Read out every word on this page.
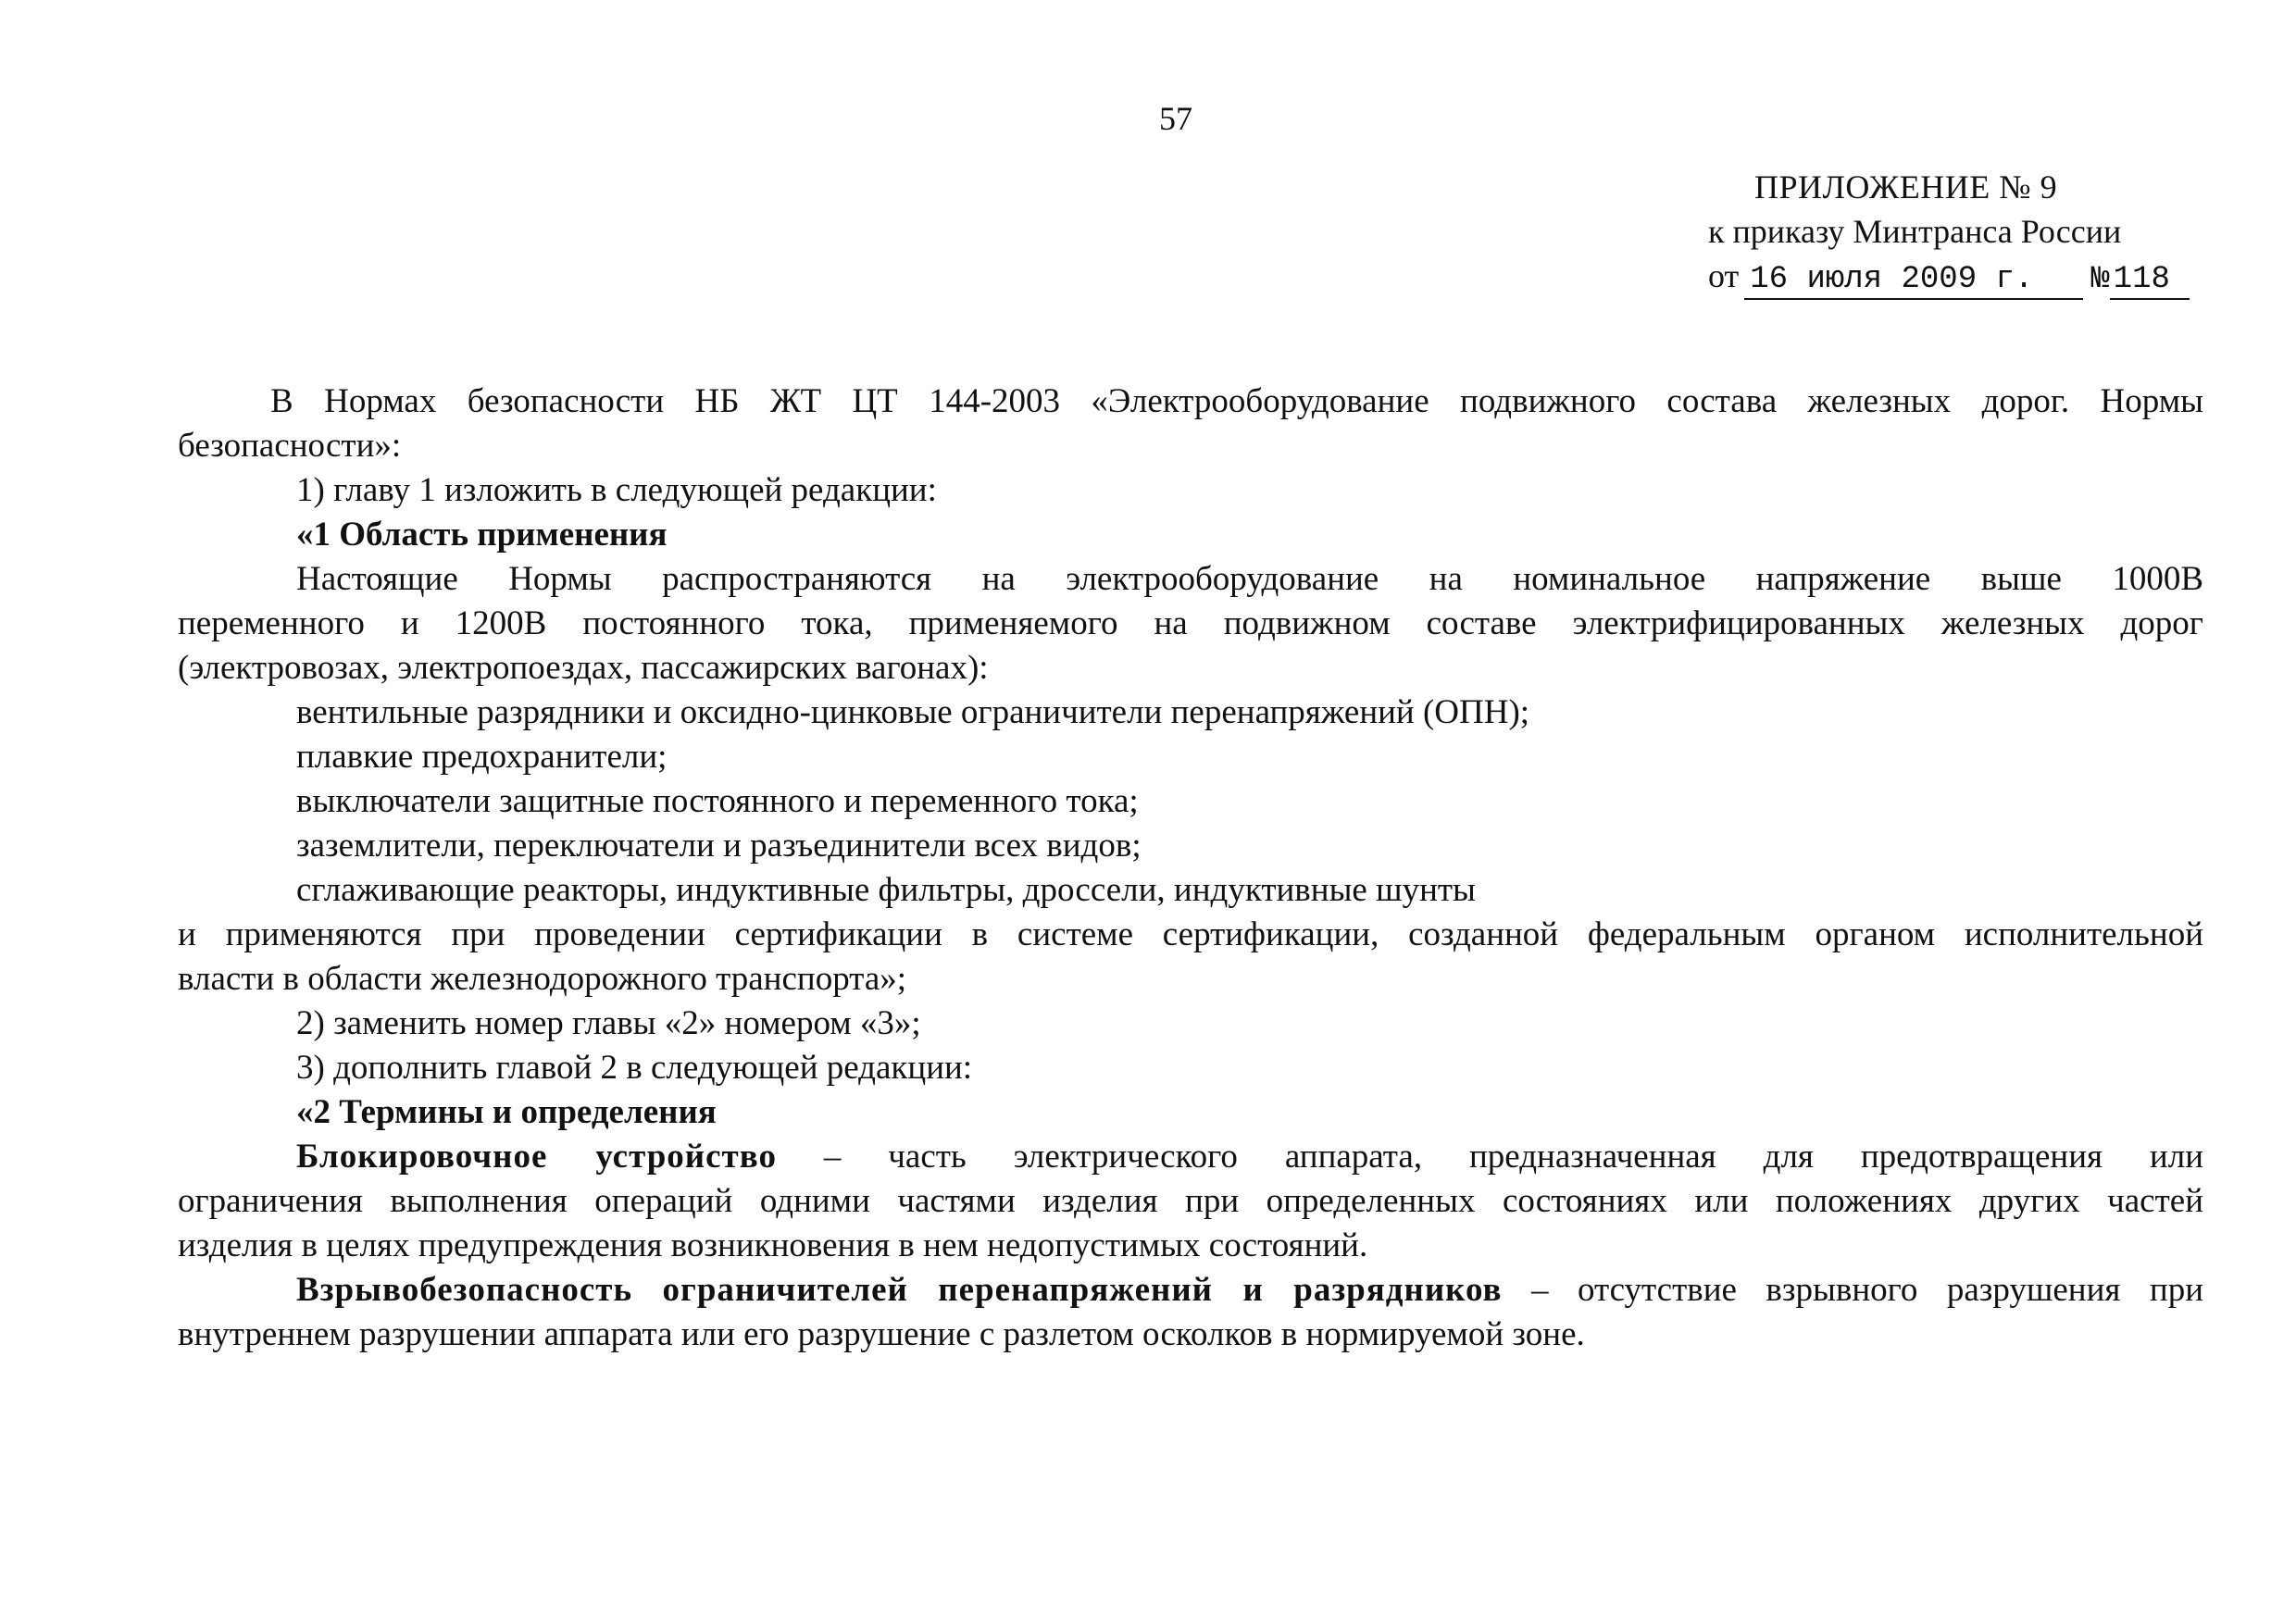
57
ПРИЛОЖЕНИЕ № 9
к приказу Минтранса России
от 16 июля 2009 г. № 118
В Нормах безопасности НБ ЖТ ЦТ 144-2003 «Электрооборудование подвижного состава железных дорог. Нормы
безопасности»:
1) главу 1 изложить в следующей редакции:
«1 Область применения
Настоящие Нормы распространяются на электрооборудование на номинальное напряжение выше 1000В
переменного и 1200В постоянного тока, применяемого на подвижном составе электрифицированных железных дорог
(электровозах, электропоездах, пассажирских вагонах):
вентильные разрядники и оксидно-цинковые ограничители перенапряжений (ОПН);
плавкие предохранители;
выключатели защитные постоянного и переменного тока;
заземлители, переключатели и разъединители всех видов;
сглаживающие реакторы, индуктивные фильтры, дроссели, индуктивные шунты
и применяются при проведении сертификации в системе сертификации, созданной федеральным органом исполнительной
власти в области железнодорожного транспорта»;
2) заменить номер главы «2» номером «3»;
3) дополнить главой 2 в следующей редакции:
«2 Термины и определения
Блокировочное устройство – часть электрического аппарата, предназначенная для предотвращения или
ограничения выполнения операций одними частями изделия при определенных состояниях или положениях других частей
изделия в целях предупреждения возникновения в нем недопустимых состояний.
Взрывобезопасность ограничителей перенапряжений и разрядников – отсутствие взрывного разрушения при
внутреннем разрушении аппарата или его разрушение с разлетом осколков в нормируемой зоне.
